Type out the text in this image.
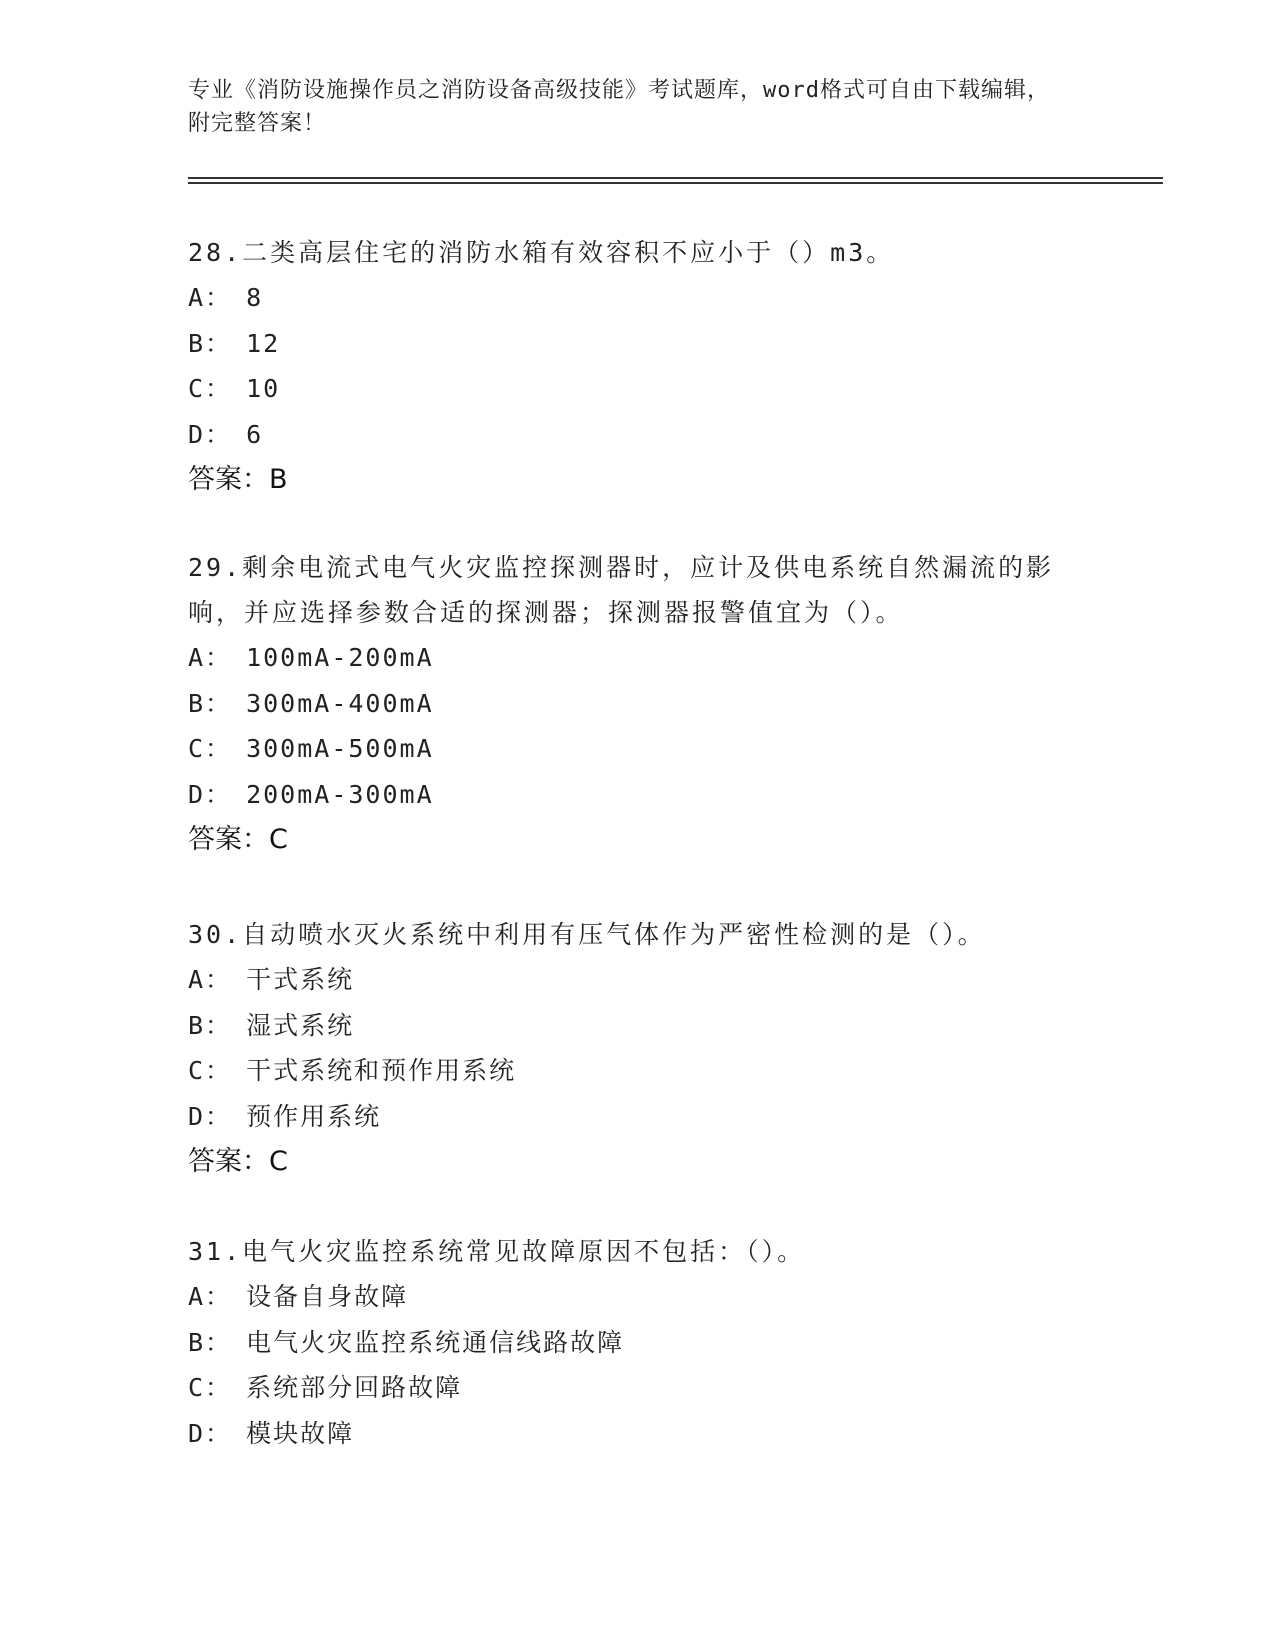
专业《消防设施操作员之消防设备高级技能》考试题库，word格式可自由下载编辑，附完整答案！
28.二类高层住宅的消防水箱有效容积不应小于（）m3。
A： 8
B： 12
C： 10
D： 6
答案：B
29.剩余电流式电气火灾监控探测器时，应计及供电系统自然漏流的影响，并应选择参数合适的探测器；探测器报警值宜为（）。
A： 100mA-200mA
B： 300mA-400mA
C： 300mA-500mA
D： 200mA-300mA
答案：C
30.自动喷水灭火系统中利用有压气体作为严密性检测的是（）。
A： 干式系统
B： 湿式系统
C： 干式系统和预作用系统
D： 预作用系统
答案：C
31.电气火灾监控系统常见故障原因不包括：（）。
A： 设备自身故障
B： 电气火灾监控系统通信线路故障
C： 系统部分回路故障
D： 模块故障
